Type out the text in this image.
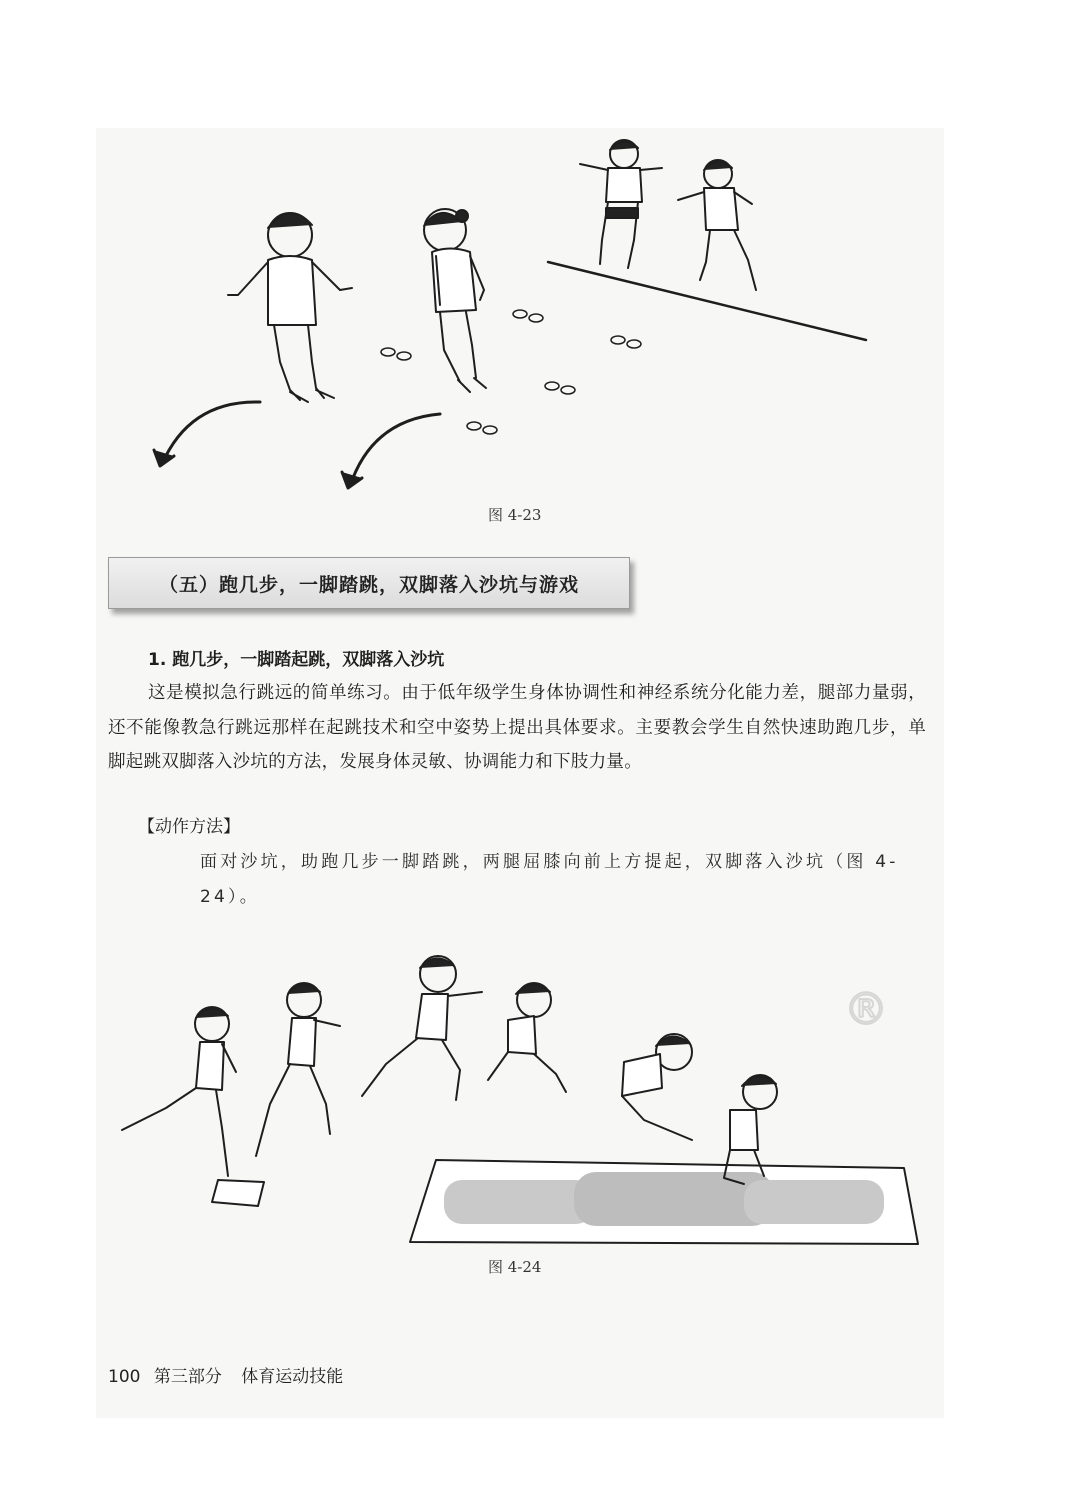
图 4-23
（五）跑几步，一脚踏跳，双脚落入沙坑与游戏
1. 跑几步，一脚踏起跳，双脚落入沙坑
这是模拟急行跳远的简单练习。由于低年级学生身体协调性和神经系统分化能力差，腿部力量弱，还不能像教急行跳远那样在起跳技术和空中姿势上提出具体要求。主要教会学生自然快速助跑几步，单脚起跳双脚落入沙坑的方法，发展身体灵敏、协调能力和下肢力量。
【动作方法】
面对沙坑，助跑几步一脚踏跳，两腿屈膝向前上方提起，双脚落入沙坑（图 4-24）。
®
图 4-24
100 第三部分 体育运动技能
